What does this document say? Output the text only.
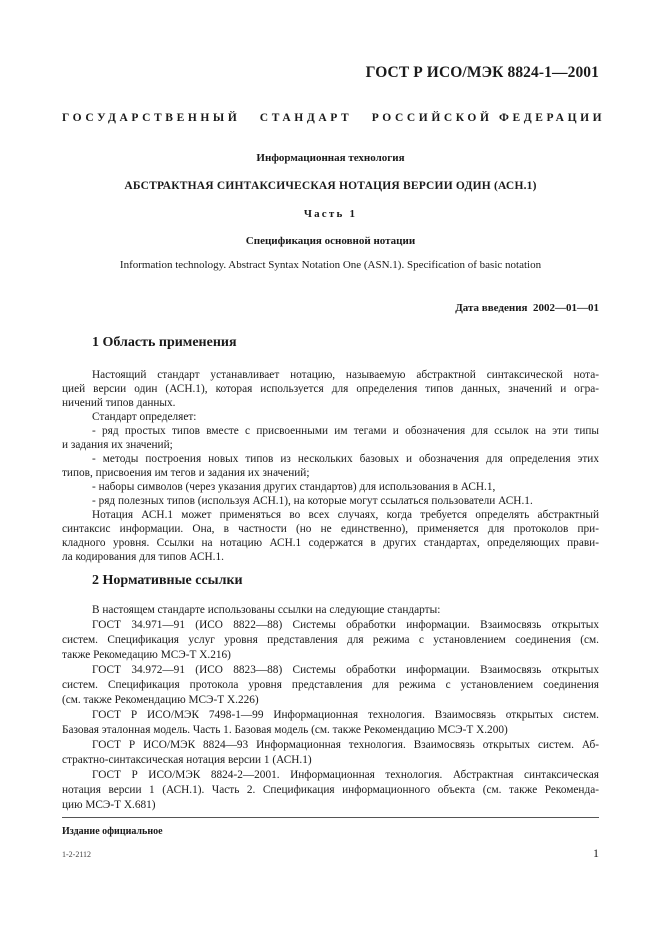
ГОСТ Р ИСО/МЭК 8824-1—2001
ГОСУДАРСТВЕННЫЙ   СТАНДАРТ   РОССИЙСКОЙ ФЕДЕРАЦИИ
Информационная технология
АБСТРАКТНАЯ СИНТАКСИЧЕСКАЯ НОТАЦИЯ ВЕРСИИ ОДИН (АСН.1)
Часть 1
Спецификация основной нотации
Information technology. Abstract Syntax Notation One (ASN.1). Specification of basic notation
Дата введения  2002—01—01
1 Область применения
Настоящий стандарт устанавливает нотацию, называемую абстрактной синтаксической нота-
цией версии один (АСН.1), которая используется для определения типов данных, значений и огра-
ничений типов данных.
Стандарт определяет:
- ряд простых типов вместе с присвоенными им тегами и обозначения для ссылок на эти типы
и задания их значений;
- методы построения новых типов из нескольких базовых и обозначения для определения этих
типов, присвоения им тегов и задания их значений;
- наборы символов (через указания других стандартов) для использования в АСН.1,
- ряд полезных типов (используя АСН.1), на которые могут ссылаться пользователи АСН.1.
Нотация АСН.1 может применяться во всех случаях, когда требуется определять абстрактный
синтаксис информации. Она, в частности (но не единственно), применяется для протоколов при-
2 Нормативные ссылки
В настоящем стандарте использованы ссылки на следующие стандарты:
ГОСТ 34.971—91 (ИСО 8822—88) Системы обработки информации. Взаимосвязь открытых
систем. Спецификация услуг уровня представления для режима с установлением соединения (см.
также Рекомедацию МСЭ-Т Х.216)
ГОСТ 34.972—91 (ИСО 8823—88) Системы обработки информации. Взаимосвязь открытых
систем. Спецификация протокола уровня представления для режима с установлением соединения
(см. также Рекомендацию МСЭ-Т Х.226)
ГОСТ Р ИСО/МЭК 7498-1—99 Информационная технология. Взаимосвязь открытых систем.
Базовая эталонная модель. Часть 1. Базовая модель (см. также Рекомендацию МСЭ-Т Х.200)
ГОСТ Р ИСО/МЭК 8824—93 Информационная технология. Взаимосвязь открытых систем. Аб-
страктно-синтаксическая нотация версии 1 (АСН.1)
ГОСТ Р ИСО/МЭК 8824-2—2001. Информационная технология. Абстрактная синтаксическая
нотация версии 1 (АСН.1). Часть 2. Спецификация информационного объекта (см. также Рекоменда-
Издание официальное
1-2-2112	1
кладного уровня. Ссылки на нотацию АСН.1 содержатся в других стандартах, определяющих прави-
ла кодирования для типов АСН.1.
цию МСЭ-Т Х.681)
